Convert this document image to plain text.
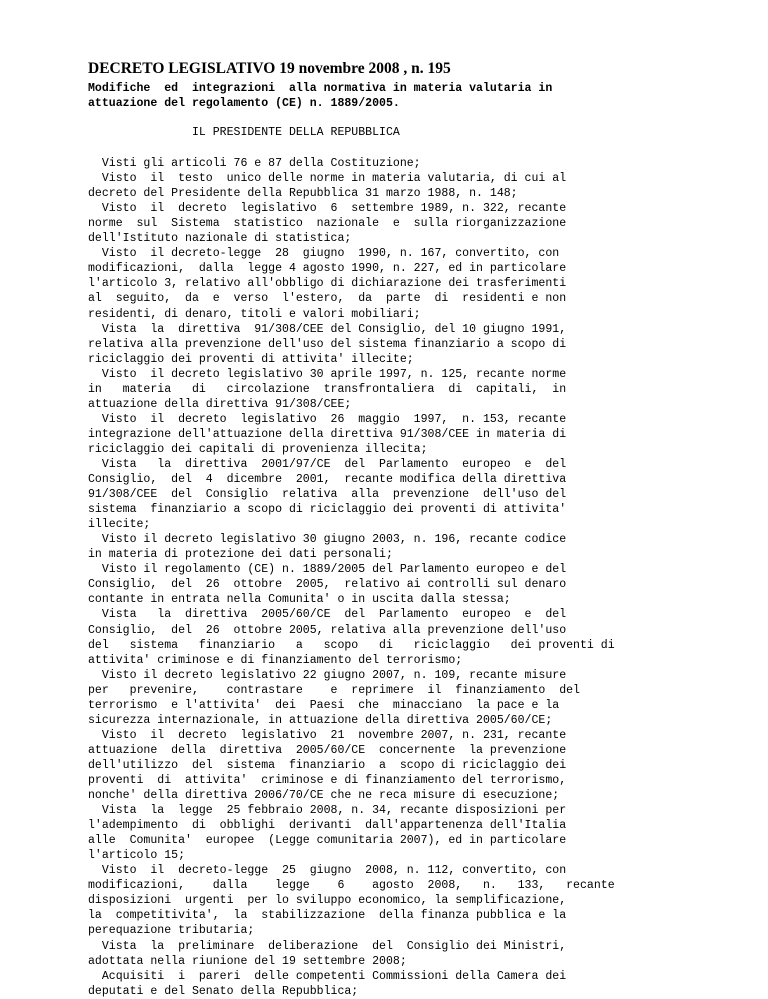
DECRETO LEGISLATIVO 19 novembre 2008 , n. 195
Modifiche  ed  integrazioni  alla normativa in materia valutaria in
attuazione del regolamento (CE) n. 1889/2005.
IL PRESIDENTE DELLA REPUBBLICA
Visti gli articoli 76 e 87 della Costituzione;
Visto  il  testo  unico delle norme in materia valutaria, di cui al
decreto del Presidente della Repubblica 31 marzo 1988, n. 148;
Visto  il  decreto  legislativo  6  settembre 1989, n. 322, recante
norme  sul  Sistema  statistico  nazionale  e  sulla riorganizzazione
dell'Istituto nazionale di statistica;
Visto  il decreto-legge  28  giugno  1990, n. 167, convertito, con
modificazioni,  dalla  legge 4 agosto 1990, n. 227, ed in particolare
l'articolo 3, relativo all'obbligo di dichiarazione dei trasferimenti
al  seguito,  da  e  verso  l'estero,  da  parte  di  residenti e non
residenti, di denaro, titoli e valori mobiliari;
Vista  la  direttiva  91/308/CEE del Consiglio, del 10 giugno 1991,
relativa alla prevenzione dell'uso del sistema finanziario a scopo di
riciclaggio dei proventi di attivita' illecite;
Visto  il decreto legislativo 30 aprile 1997, n. 125, recante norme
in   materia   di   circolazione  transfrontaliera  di  capitali,  in
attuazione della direttiva 91/308/CEE;
Visto  il  decreto  legislativo  26  maggio  1997,  n. 153, recante
integrazione dell'attuazione della direttiva 91/308/CEE in materia di
riciclaggio dei capitali di provenienza illecita;
Vista   la  direttiva  2001/97/CE  del  Parlamento  europeo  e  del
Consiglio,  del  4  dicembre  2001,  recante modifica della direttiva
91/308/CEE  del  Consiglio  relativa  alla  prevenzione  dell'uso del
sistema  finanziario a scopo di riciclaggio dei proventi di attivita'
illecite;
Visto il decreto legislativo 30 giugno 2003, n. 196, recante codice
in materia di protezione dei dati personali;
Visto il regolamento (CE) n. 1889/2005 del Parlamento europeo e del
Consiglio,  del  26  ottobre  2005,  relativo ai controlli sul denaro
contante in entrata nella Comunita' o in uscita dalla stessa;
Vista   la  direttiva  2005/60/CE  del  Parlamento  europeo  e  del
Consiglio,  del  26  ottobre 2005, relativa alla prevenzione dell'uso
del   sistema   finanziario   a   scopo   di   riciclaggio   dei proventi di
attivita' criminose e di finanziamento del terrorismo;
Visto il decreto legislativo 22 giugno 2007, n. 109, recante misure
per   prevenire,    contrastare    e  reprimere  il  finanziamento  del
terrorismo  e l'attivita'  dei  Paesi  che  minacciano  la pace e la
sicurezza internazionale, in attuazione della direttiva 2005/60/CE;
Visto  il  decreto  legislativo  21  novembre 2007, n. 231, recante
attuazione  della  direttiva  2005/60/CE  concernente  la prevenzione
dell'utilizzo  del  sistema  finanziario  a  scopo di riciclaggio dei
proventi  di  attivita'  criminose e di finanziamento del terrorismo,
nonche' della direttiva 2006/70/CE che ne reca misure di esecuzione;
Vista  la  legge  25 febbraio 2008, n. 34, recante disposizioni per
l'adempimento  di  obblighi  derivanti  dall'appartenenza dell'Italia
alle  Comunita'  europee  (Legge comunitaria 2007), ed in particolare
l'articolo 15;
Visto  il  decreto-legge  25  giugno  2008, n. 112, convertito, con
modificazioni,    dalla    legge    6    agosto  2008,   n.   133,   recante
disposizioni  urgenti  per lo sviluppo economico, la semplificazione,
la  competitivita',  la  stabilizzazione  della finanza pubblica e la
perequazione tributaria;
Vista  la  preliminare  deliberazione  del  Consiglio dei Ministri,
adottata nella riunione del 19 settembre 2008;
Acquisiti  i  pareri  delle competenti Commissioni della Camera dei
deputati e del Senato della Repubblica;
